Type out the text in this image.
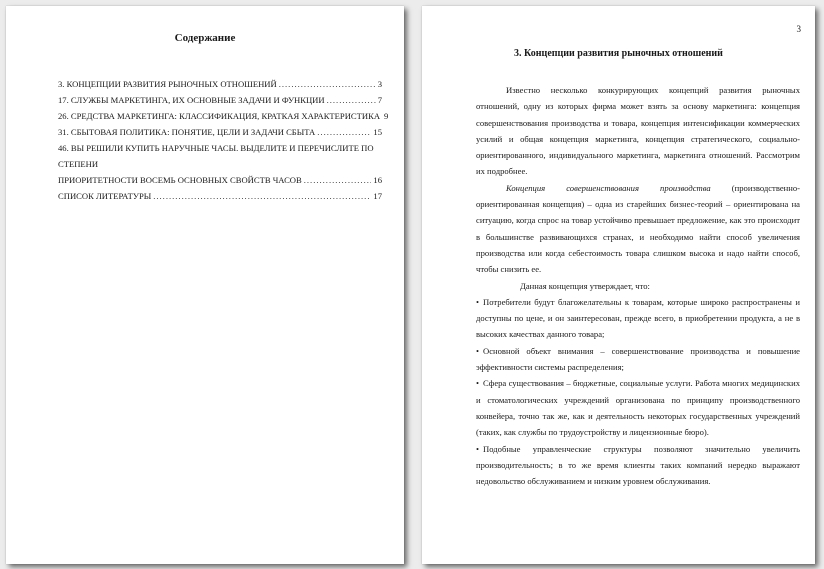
Содержание
3. КОНЦЕПЦИИ РАЗВИТИЯ РЫНОЧНЫХ ОТНОШЕНИЙ .....	3
17. СЛУЖБЫ МАРКЕТИНГА, ИХ ОСНОВНЫЕ ЗАДАЧИ И ФУНКЦИИ .....	7
26. СРЕДСТВА МАРКЕТИНГА: КЛАССИФИКАЦИЯ, КРАТКАЯ ХАРАКТЕРИСТИКА 9
31. СБЫТОВАЯ ПОЛИТИКА: ПОНЯТИЕ, ЦЕЛИ И ЗАДАЧИ СБЫТА .....	15
46. ВЫ РЕШИЛИ КУПИТЬ НАРУЧНЫЕ ЧАСЫ. ВЫДЕЛИТЕ И ПЕРЕЧИСЛИТЕ ПО СТЕПЕНИ
ПРИОРИТЕТНОСТИ ВОСЕМЬ ОСНОВНЫХ СВОЙСТВ ЧАСОВ .....	16
СПИСОК ЛИТЕРАТУРЫ .....	17
3
3. Концепции развития рыночных отношений

Известно несколько конкурирующих концепций развития рыночных отношений, одну из которых фирма может взять за основу маркетинга: концепция совершенствования производства и товара, концепция интенсификации коммерческих усилий и общая концепция маркетинга, концепция стратегического, социально-ориентированного, индивидуального маркетинга, маркетинга отношений. Рассмотрим их подробнее.

Концепция совершенствования производства (производственно-ориентированная концепция) – одна из старейших бизнес-теорий – ориентирована на ситуацию, когда спрос на товар устойчиво превышает предложение, как это происходит в большинстве развивающихся странах, и необходимо найти способ увеличения производства или когда себестоимость товара слишком высока и надо найти способ, чтобы снизить ее.

Данная концепция утверждает, что:

• Потребители будут благожелательны к товарам, которые широко распространены и доступны по цене, и он заинтересован, прежде всего, в приобретении продукта, а не в высоких качествах данного товара;

• Основной объект внимания – совершенствование производства и повышение эффективности системы распределения;

• Сфера существования – бюджетные, социальные услуги. Работа многих медицинских и стоматологических учреждений организована по принципу производственного конвейера, точно так же, как и деятельность некоторых государственных учреждений (таких, как службы по трудоустройству и лицензионные бюро).

• Подобные управленческие структуры позволяют значительно увеличить производительность; в то же время клиенты таких компаний нередко выражают недовольство обслуживанием и низким уровнем обслуживания.
